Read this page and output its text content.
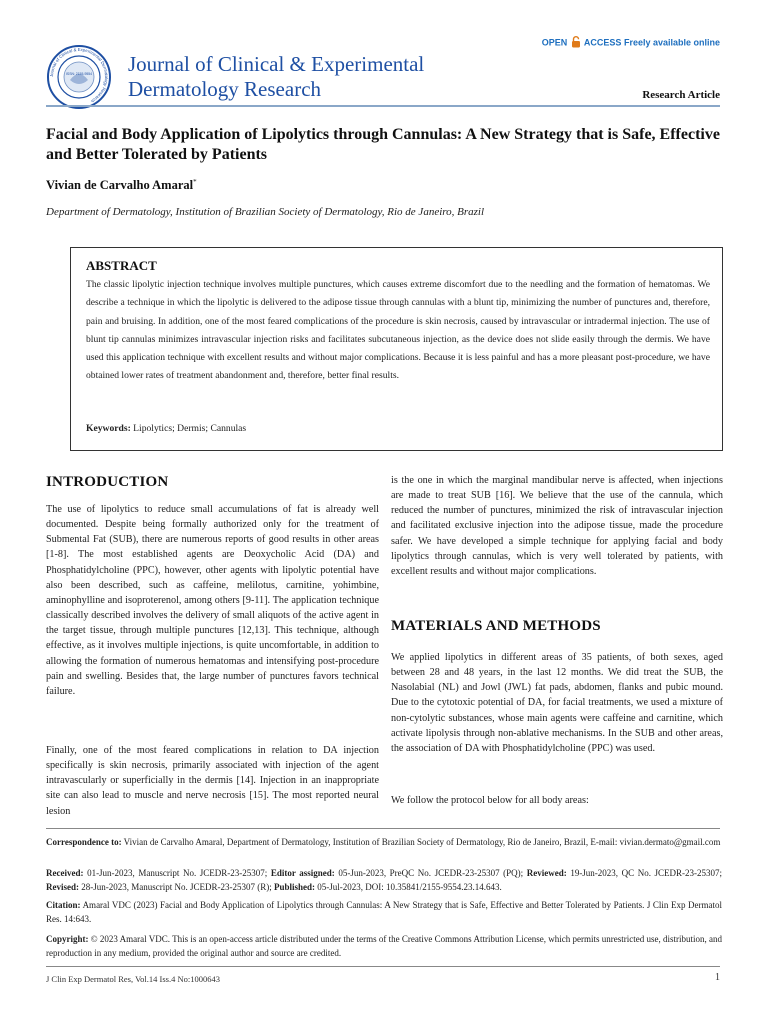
ISSN: 2155-9554
Journal of Clinical & Experimental Dermatology Research
Journal of Clinical & Experimental
Dermatology Research
OPEN ACCESS Freely available online
Research Article
Facial and Body Application of Lipolytics through Cannulas: A New Strategy that is Safe, Effective and Better Tolerated by Patients
Vivian de Carvalho Amaral*
Department of Dermatology, Institution of Brazilian Society of Dermatology, Rio de Janeiro, Brazil
ABSTRACT

The classic lipolytic injection technique involves multiple punctures, which causes extreme discomfort due to the needling and the formation of hematomas. We describe a technique in which the lipolytic is delivered to the adipose tissue through cannulas with a blunt tip, minimizing the number of punctures and, therefore, pain and bruising. In addition, one of the most feared complications of the procedure is skin necrosis, caused by intravascular or intradermal injection. The use of blunt tip cannulas minimizes intravascular injection risks and facilitates subcutaneous injection, as the device does not slide easily through the dermis. We have used this application technique with excellent results and without major complications. Because it is less painful and has a more pleasant post-procedure, we have obtained lower rates of treatment abandonment and, therefore, better final results.

Keywords: Lipolytics; Dermis; Cannulas
INTRODUCTION

The use of lipolytics to reduce small accumulations of fat is already well documented. Despite being formally authorized only for the treatment of Submental Fat (SUB), there are numerous reports of good results in other areas [1-8]. The most established agents are Deoxycholic Acid (DA) and Phosphatidylcholine (PPC), however, other agents with lipolytic potential have also been described, such as caffeine, melilotus, carnitine, yohimbine, aminophylline and isoproterenol, among others [9-11]. The application technique classically described involves the delivery of small aliquots of the active agent in the target tissue, through multiple punctures [12,13]. This technique, although effective, as it involves multiple injections, is quite uncomfortable, in addition to allowing the formation of numerous hematomas and intensifying post-procedure pain and swelling. Besides that, the large number of punctures favors technical failure.

Finally, one of the most feared complications in relation to DA injection specifically is skin necrosis, primarily associated with injection of the agent intravascularly or superficially in the dermis [14]. Injection in an inappropriate site can also lead to muscle and nerve necrosis [15]. The most reported neural lesion

is the one in which the marginal mandibular nerve is affected, when injections are made to treat SUB [16]. We believe that the use of the cannula, which reduced the number of punctures, minimized the risk of intravascular injection and facilitated exclusive injection into the adipose tissue, made the procedure safer. We have developed a simple technique for applying facial and body lipolytics through cannulas, which is very well tolerated by patients, with excellent results and without major complications.

MATERIALS AND METHODS

We applied lipolytics in different areas of 35 patients, of both sexes, aged between 28 and 48 years, in the last 12 months. We did treat the SUB, the Nasolabial (NL) and Jowl (JWL) fat pads, abdomen, flanks and pubic mound. Due to the cytotoxic potential of DA, for facial treatments, we used a mixture of non-cytolytic substances, whose main agents were caffeine and carnitine, which activate lipolysis through non-ablative mechanisms. In the SUB and other areas, the association of DA with Phosphatidylcholine (PPC) was used.

We follow the protocol below for all body areas:

Correspondence to: Vivian de Carvalho Amaral, Department of Dermatology, Institution of Brazilian Society of Dermatology, Rio de Janeiro, Brazil, E-mail: vivian.dermato@gmail.com

Received: 01-Jun-2023, Manuscript No. JCEDR-23-25307; Editor assigned: 05-Jun-2023, PreQC No. JCEDR-23-25307 (PQ); Reviewed: 19-Jun-2023, QC No. JCEDR-23-25307; Revised: 28-Jun-2023, Manuscript No. JCEDR-23-25307 (R); Published: 05-Jul-2023, DOI: 10.35841/2155-9554.23.14.643.

Citation: Amaral VDC (2023) Facial and Body Application of Lipolytics through Cannulas: A New Strategy that is Safe, Effective and Better Tolerated by Patients. J Clin Exp Dermatol Res. 14:643.

Copyright: © 2023 Amaral VDC. This is an open-access article distributed under the terms of the Creative Commons Attribution License, which permits unrestricted use, distribution, and reproduction in any medium, provided the original author and source are credited.

J Clin Exp Dermatol Res, Vol.14 Iss.4 No:1000643	1
